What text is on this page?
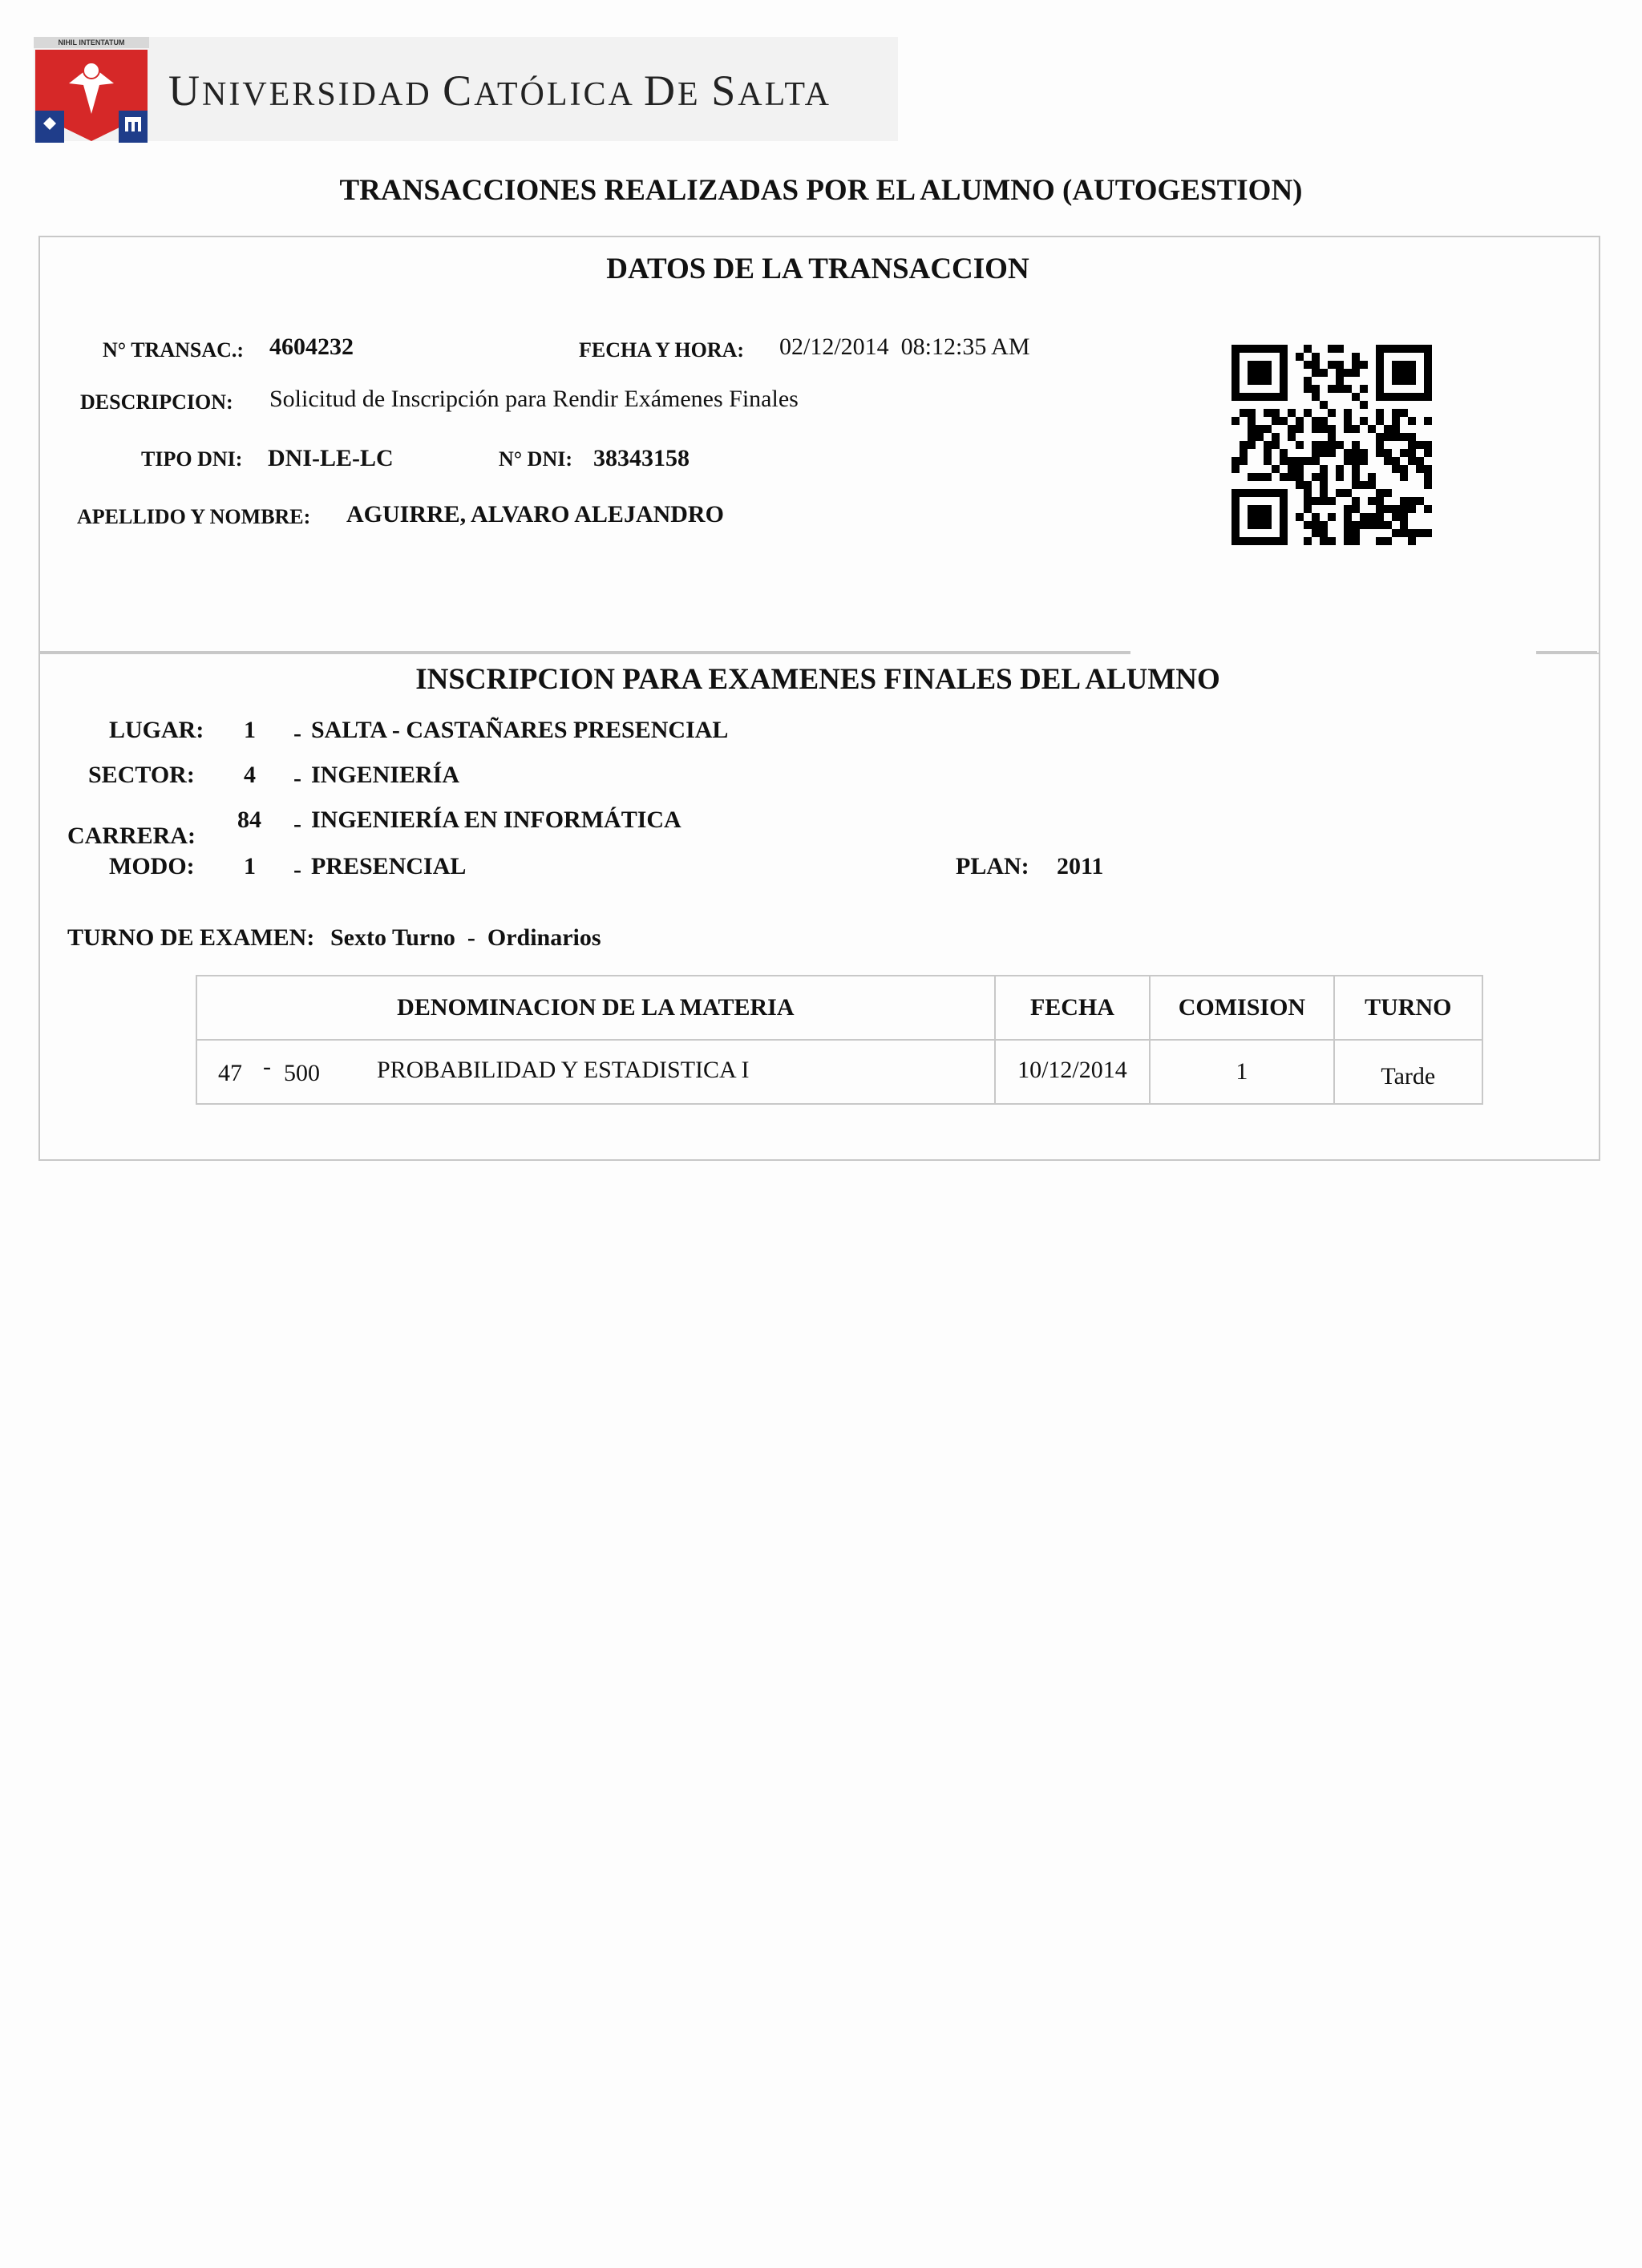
NIHIL INTENTATUM
UNIVERSIDAD CATÓLICA DE SALTA
TRANSACCIONES REALIZADAS POR EL ALUMNO (AUTOGESTION)
DATOS DE LA TRANSACCION
N° TRANSAC.: 4604232	FECHA Y HORA: 02/12/2014  08:12:35 AM
DESCRIPCION: Solicitud de Inscripción para Rendir Exámenes Finales
TIPO DNI: DNI-LE-LC	N° DNI: 38343158
APELLIDO Y NOMBRE: AGUIRRE, ALVARO ALEJANDRO
INSCRIPCION PARA EXAMENES FINALES DEL ALUMNO
LUGAR: 1 - SALTA - CASTAÑARES PRESENCIAL
SECTOR: 4 - INGENIERÍA
CARRERA:
84 - INGENIERÍA EN INFORMÁTICA
MODO: 1 - PRESENCIAL	PLAN: 2011
TURNO DE EXAMEN: Sexto Turno  -  Ordinarios
DENOMINACION DE LA MATERIA	FECHA	COMISION	TURNO

47 - 500 PROBABILIDAD Y ESTADISTICA I	10/12/2014	1	Tarde
